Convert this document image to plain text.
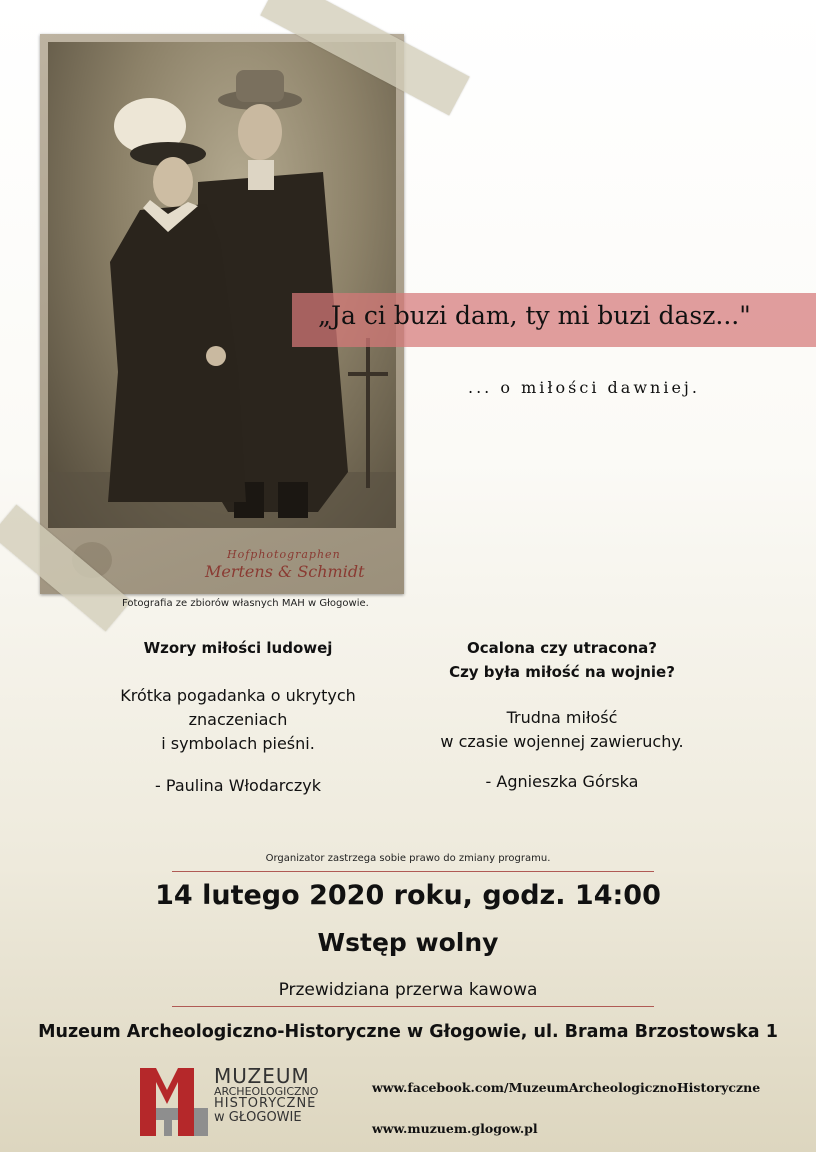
Hofphotographen
Mertens & Schmidt
Fotografia ze zbiorów własnych MAH w Głogowie.
„Ja ci buzi dam, ty mi buzi dasz..."
... o miłości dawniej.
Wzory miłości ludowej
Krótka pogadanka o ukrytych
znaczeniach
i symbolach pieśni.
- Paulina Włodarczyk
Ocalona czy utracona?
Czy była miłość na wojnie?
Trudna miłość
w czasie wojennej zawieruchy.
- Agnieszka Górska
Organizator zastrzega sobie prawo do zmiany programu.
14 lutego 2020 roku, godz. 14:00
Wstęp wolny
Przewidziana przerwa kawowa
Muzeum Archeologiczno-Historyczne w Głogowie, ul. Brama Brzostowska 1
MUZEUM
ARCHEOLOGICZNO
HISTORYCZNE
w GŁOGOWIE
www.facebook.com/MuzeumArcheologicznoHistoryczne
www.muzuem.glogow.pl
